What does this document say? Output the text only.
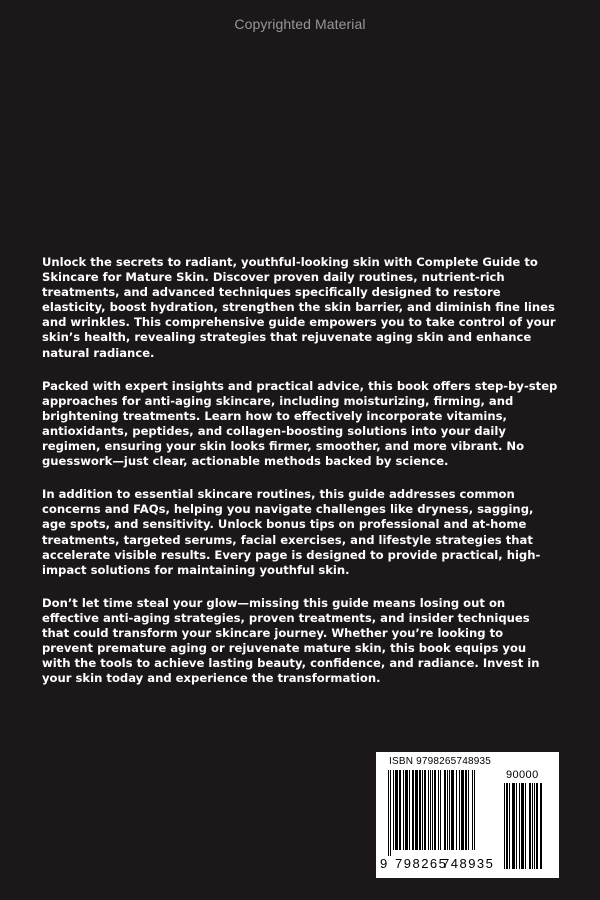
Copyrighted Material

Unlock the secrets to radiant, youthful-looking skin with Complete Guide to Skincare for Mature Skin. Discover proven daily routines, nutrient-rich treatments, and advanced techniques specifically designed to restore elasticity, boost hydration, strengthen the skin barrier, and diminish fine lines and wrinkles. This comprehensive guide empowers you to take control of your skin’s health, revealing strategies that rejuvenate aging skin and enhance natural radiance.

Packed with expert insights and practical advice, this book offers step-by-step approaches for anti-aging skincare, including moisturizing, firming, and brightening treatments. Learn how to effectively incorporate vitamins, antioxidants, peptides, and collagen-boosting solutions into your daily regimen, ensuring your skin looks firmer, smoother, and more vibrant. No guesswork—just clear, actionable methods backed by science.

In addition to essential skincare routines, this guide addresses common concerns and FAQs, helping you navigate challenges like dryness, sagging, age spots, and sensitivity. Unlock bonus tips on professional and at-home treatments, targeted serums, facial exercises, and lifestyle strategies that accelerate visible results. Every page is designed to provide practical, high-impact solutions for maintaining youthful skin.

Don’t let time steal your glow—missing this guide means losing out on effective anti-aging strategies, proven treatments, and insider techniques that could transform your skincare journey. Whether you’re looking to prevent premature aging or rejuvenate mature skin, this book equips you with the tools to achieve lasting beauty, confidence, and radiance. Invest in your skin today and experience the transformation.

ISBN 9798265748935
90000
9 798265
748935
